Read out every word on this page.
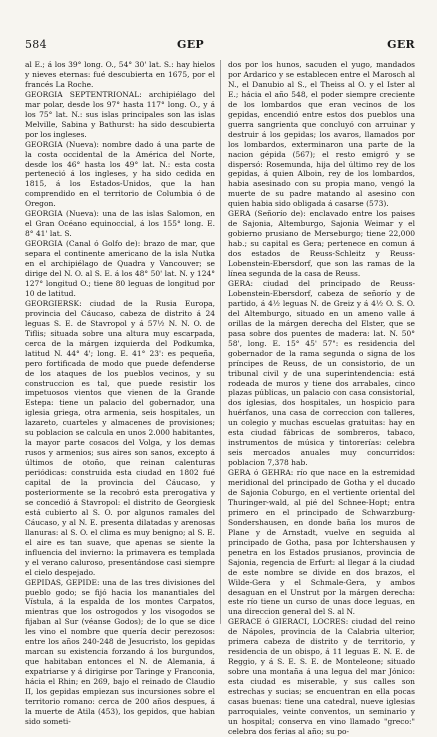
584	GEP	GER

al E.; á los 39° long. O., 54° 30' lat. S.: hay hielos y nieves eternas: fué descubierta en 1675, por el francés La Roche.

GEORGIA SEPTENTRIONAL: archipiélago del mar polar, desde los 97° hasta 117° long. O., y á los 75° lat. N.: sus islas principales son las islas Melville, Sabina y Bathurst: ha sido descubierta por los ingleses.

GEORGIA (Nueva): nombre dado á una parte de la costa occidental de la América del Norte, desde los 46° hasta los 49° lat. N.: esta costa perteneció á los ingleses, y ha sido cedida en 1815, á los Estados-Unidos, que la han comprendido en el territorio de Columbia ó de Oregon.

GEORGIA (Nueva): una de las islas Salomon, en el Gran Océano equinoccial, á los 155° long. E. 8° 41' lat. S.

GEORGIA (Canal ó Golfo de): brazo de mar, que separa el continente americano de la isla Nutka en el archipiélago de Quadra y Vancouver; se dirige del N. O. al S. E. á los 48° 50' lat. N. y 124° 127° longitud O.; tiene 80 leguas de longitud por 10 de latitud.

GEORGIERSK: ciudad de la Rusia Europa, provincia del Cáucaso, cabeza de distrito á 24 leguas S. E. de Stavropol y á 57½ N. N. O. de Tiflis; situada sobre una altura muy escarpada, cerca de la márgen izquierda del Podkumka, latitud N. 44° 4'; long. E. 41° 23': es pequeña, pero fortificada de modo que puede defenderse de los ataques de los pueblos vecinos, y su construccion es tal, que puede resistir los impetuosos vientos que vienen de la Grande Estepa: tiene un palacio del gobernador, una iglesia griega, otra armenia, seis hospitales, un lazareto, cuarteles y almacenes de provisiones; su poblacion se calcula en unos 2.000 habitantes, la mayor parte cosacos del Volga, y los demas rusos y armenios; sus aires son sanos, excepto á últimos de otoño, que reinan calenturas periódicas: construida esta ciudad en 1802 fué capital de la provincia del Cáucaso, y posteriormente se la recobró esta prerogativa y se concedió á Stavropol: el distrito de Georgiesk está cubierto al S. O. por algunos ramales del Cáucaso, y al N. E. presenta dilatadas y arenosas llanuras: al S. O. el clima es muy benigno; al S. E. el aire es tan suave, que apenas se siente la influencia del invierno: la primavera es templada y el verano caluroso, presentándose casi siempre el cielo despejado.

GEPIDAS, GEPIDE: una de las tres divisiones del pueblo godo; se fijó hacia los manantiales del Vístula, á la espalda de los montes Carpatos, mientras que los ostrogodos y los visogodos se fijaban al Sur (véanse Godos); de lo que se dice les vino el nombre que quería decir perezosos: entre los años 240-248 de Jesucristo, los gepidas marcan su existencia forzando á los burgundos, que habitaban entonces el N. de Alemania, á expatriarse y á dirigirse por Taringe y Franconia, hácia el Rhin; en 269, bajo el reinado de Claudio II, los gepidas empiezan sus incursiones sobre el territorio romano: cerca de 200 años despues, á la muerte de Atila (453), los gepidos, que habian sido someti-

dos por los hunos, sacuden el yugo, mandados por Ardarico y se establecen entre el Marosch al N., el Danubio al S., el Theiss al O. y el Ister al E.; hácia el año 548, el poder siempre creciente de los lombardos que eran vecinos de los gepidas, encendió entre estos dos pueblos una guerra sangrienta que concluyó con arruinar y destruir á los gepidas; los avaros, llamados por los lombardos, exterminaron una parte de la nacion gépida (567); el resto emigró y se dispersó: Rosemunda, hija del último rey de los gepidas, á quien Alboin, rey de los lombardos, habia asesinado con su propia mano, vengó la muerte de su padre matando al asesino con quien habia sido obligada á casarse (573).

GERA (Señorío de): enclavado entre los paises de Sajonia, Altemburgo, Sajonia Weimar y el gobierno prusiano de Merseburgo; tiene 22,000 hab.; su capital es Gera; pertenece en comun á dos estados de Reuss-Schleitz y Reuss-Lobenstein-Ebersdorf, que son las ramas de la línea segunda de la casa de Reuss.

GERA: ciudad del principado de Reuss-Lobenstein-Ebersdorf, cabeza de señorío y de partido, á 4½ leguas N. de Greiz y á 4½ O. S. O. del Altemburgo, situado en un ameno valle á orillas de la márgen derecha del Elster, que se pasa sobre dos puentes de madera: lat. N. 50° 58', long. E. 15° 45' 57": es residencia del gobernador de la rama segunda o signa de los príncipes de Reuss, de un consistorio, de un tribunal civil y de una superintendencia: está rodeada de muros y tiene dos arrabales, cinco plazas públicas, un palacio con casa consistorial, dos iglesias, dos hospitales, un hospicio para huérfanos, una casa de correccion con talleres, un colegio y muchas escuelas gratuitas: hay en esta ciudad fábricas de sombreros, tabaco, instrumentos de música y tintorerías: celebra seis mercados anuales muy concurridos: poblacion 7,378 hab.

GERA ó GEHRA: río que nace en la estremidad meridional del principado de Gotha y el ducado de Sajonia Coburgo, en el vertiente oriental del Thuringer-wald, al pié del Schnee-Hopt; entra primero en el principado de Schwarzburg-Sondershausen, en donde baña los muros de Plane y de Arnstadt, vuelve en seguida al principado de Gotha, pasa por Ichtershausen y penetra en los Estados prusianos, provincia de Sajonia, regencia de Erfurt: al llegar á la ciudad de este nombre se divide en dos brazos, el Wilde-Gera y el Schmale-Gera, y ambos desaguan en el Unstrut por la márgen derecha: este río tiene un curso de unas doce leguas, en una direccion general del S. al N.

GERACE ó GIERACI, LOCRES: ciudad del reino de Nápoles, provincia de la Calabria ulterior, primera cabeza de distrito y de territorio, y residencia de un obispo, á 11 leguas E. N. E. de Reggio, y á S. E. S. E. de Monteleone; situado sobre una montaña á una legua del mar Jónico: esta ciudad es miserable, y sus calles son estrechas y sucias; se encuentran en ella pocas casas buenas: tiene una catedral, nueve iglesias parroquiales, veinte conventos, un seminario y un hospital; conserva en vino llamado "greco:" celebra dos ferias al año; su po-
